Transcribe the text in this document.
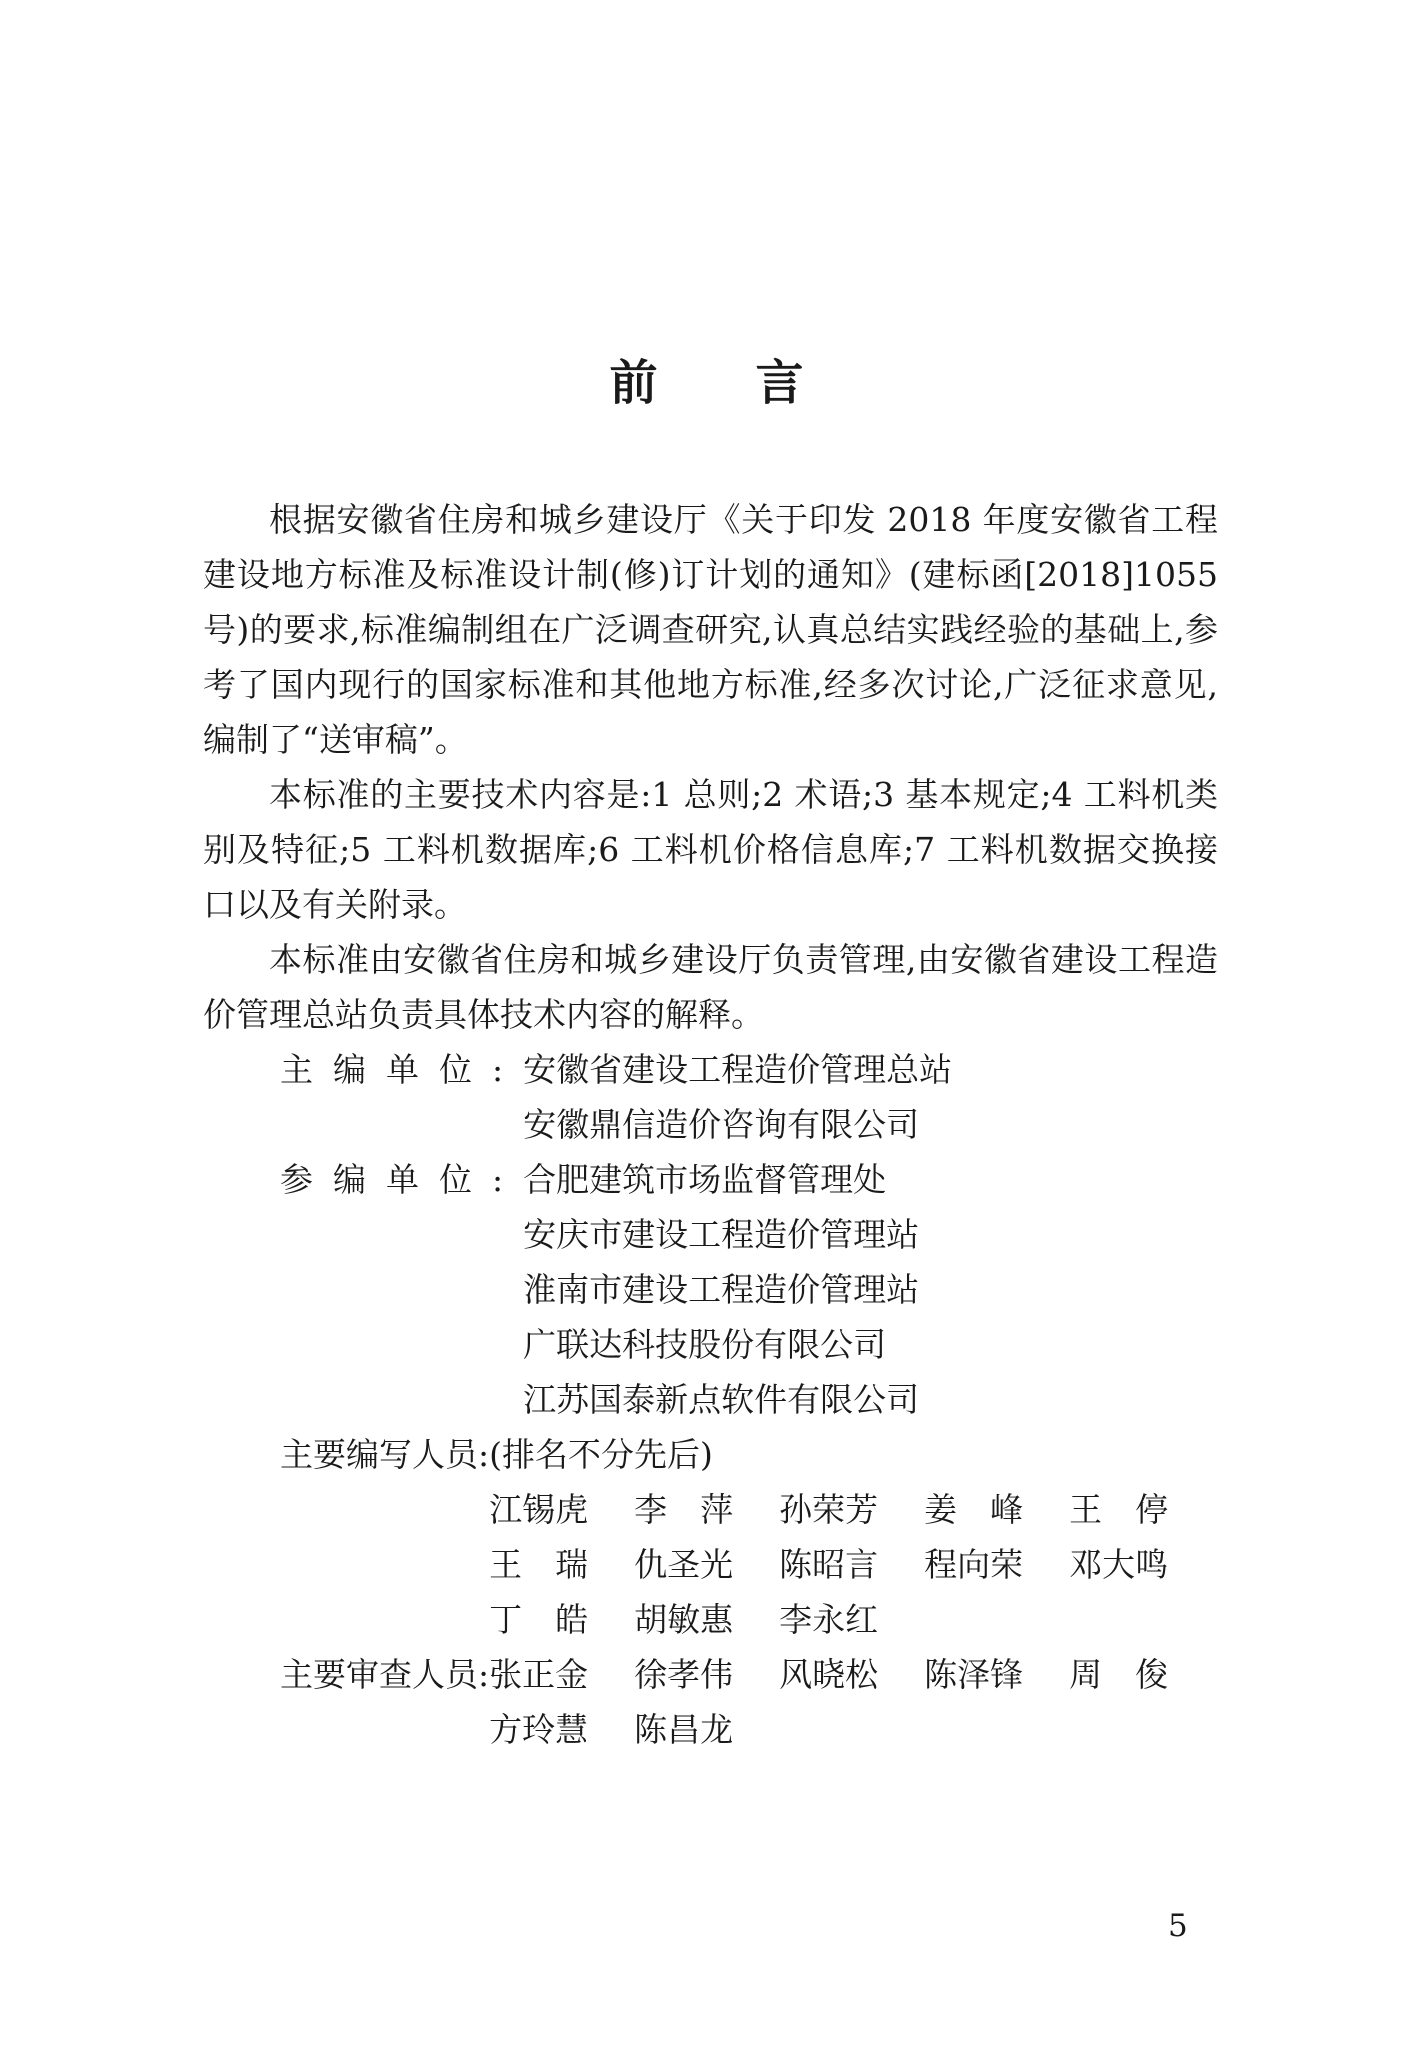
前 言

根据安徽省住房和城乡建设厅《关于印发 2018 年度安徽省工程建设地方标准及标准设计制(修)订计划的通知》(建标函[2018]1055 号)的要求,标准编制组在广泛调查研究,认真总结实践经验的基础上,参考了国内现行的国家标准和其他地方标准,经多次讨论,广泛征求意见,编制了“送审稿”。

本标准的主要技术内容是:1 总则;2 术语;3 基本规定;4 工料机类别及特征;5 工料机数据库;6 工料机价格信息库;7 工料机数据交换接口以及有关附录。

本标准由安徽省住房和城乡建设厅负责管理,由安徽省建设工程造价管理总站负责具体技术内容的解释。

主编单位: 安徽省建设工程造价管理总站
安徽鼎信造价咨询有限公司
参编单位: 合肥建筑市场监督管理处
安庆市建设工程造价管理站
淮南市建设工程造价管理站
广联达科技股份有限公司
江苏国泰新点软件有限公司
主要编写人员: (排名不分先后)
江锡虎	李　萍	孙荣芳	姜　峰	王　停
王　瑞	仇圣光	陈昭言	程向荣	邓大鸣
丁　皓	胡敏惠	李永红
主要审查人员: 张正金	徐孝伟	风晓松	陈泽锋	周　俊
方玲慧	陈昌龙
5
